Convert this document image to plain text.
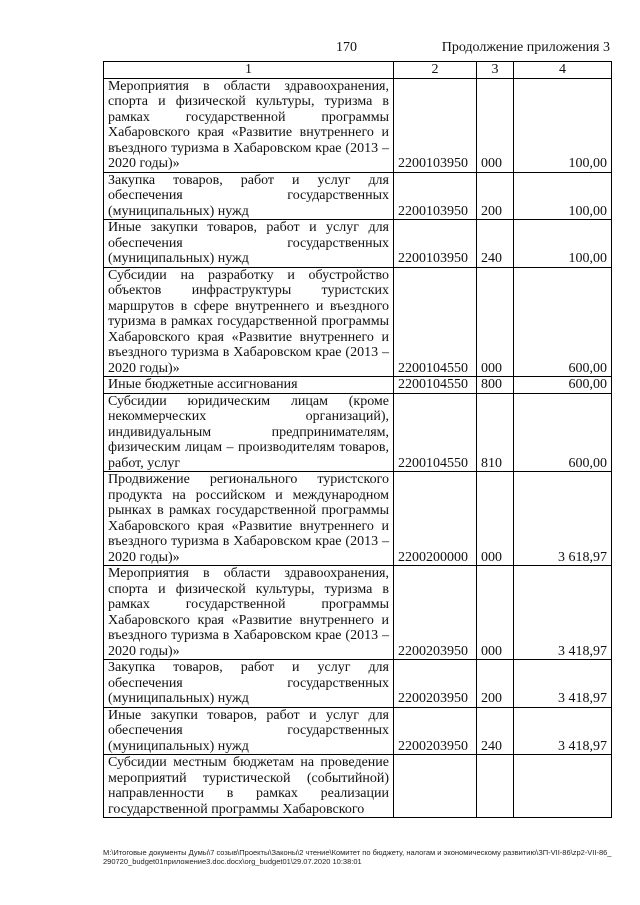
170	Продолжение приложения 3
1	2	3	4
Мероприятия в области здравоохранения, спорта и физической культуры, туризма в рамках государственной программы Хабаровского края «Развитие внутреннего и въездного туризма в Хабаровском крае (2013 – 2020 годы)»	2200103950	000	100,00
Закупка товаров, работ и услуг для обеспечения государственных (муниципальных) нужд	2200103950	200	100,00
Иные закупки товаров, работ и услуг для обеспечения государственных (муниципальных) нужд	2200103950	240	100,00
Субсидии на разработку и обустройство объектов инфраструктуры туристских маршрутов в сфере внутреннего и въездного туризма в рамках государственной программы Хабаровского края «Развитие внутреннего и въездного туризма в Хабаровском крае (2013 – 2020 годы)»	2200104550	000	600,00
Иные бюджетные ассигнования	2200104550	800	600,00
Субсидии юридическим лицам (кроме некоммерческих организаций), индивидуальным предпринимателям, физическим лицам – производителям товаров, работ, услуг	2200104550	810	600,00
Продвижение регионального туристского продукта на российском и международном рынках в рамках государственной программы Хабаровского края «Развитие внутреннего и въездного туризма в Хабаровском крае (2013 – 2020 годы)»	2200200000	000	3 618,97
Мероприятия в области здравоохранения, спорта и физической культуры, туризма в рамках государственной программы Хабаровского края «Развитие внутреннего и въездного туризма в Хабаровском крае (2013 – 2020 годы)»	2200203950	000	3 418,97
Закупка товаров, работ и услуг для обеспечения государственных (муниципальных) нужд	2200203950	200	3 418,97
Иные закупки товаров, работ и услуг для обеспечения государственных (муниципальных) нужд	2200203950	240	3 418,97
Субсидии местным бюджетам на проведение мероприятий туристической (событийной) направленности в рамках реализации государственной программы Хабаровского			
M:\Итоговые документы Думы\7 созыв\Проекты\Законы\2 чтение\Комитет по бюджету, налогам и экономическому развитию\ЗП-VII-86\zp2-VII-86_290720_budget01приложение3.doc.docx\org_budget01\29.07.2020 10:38:01
